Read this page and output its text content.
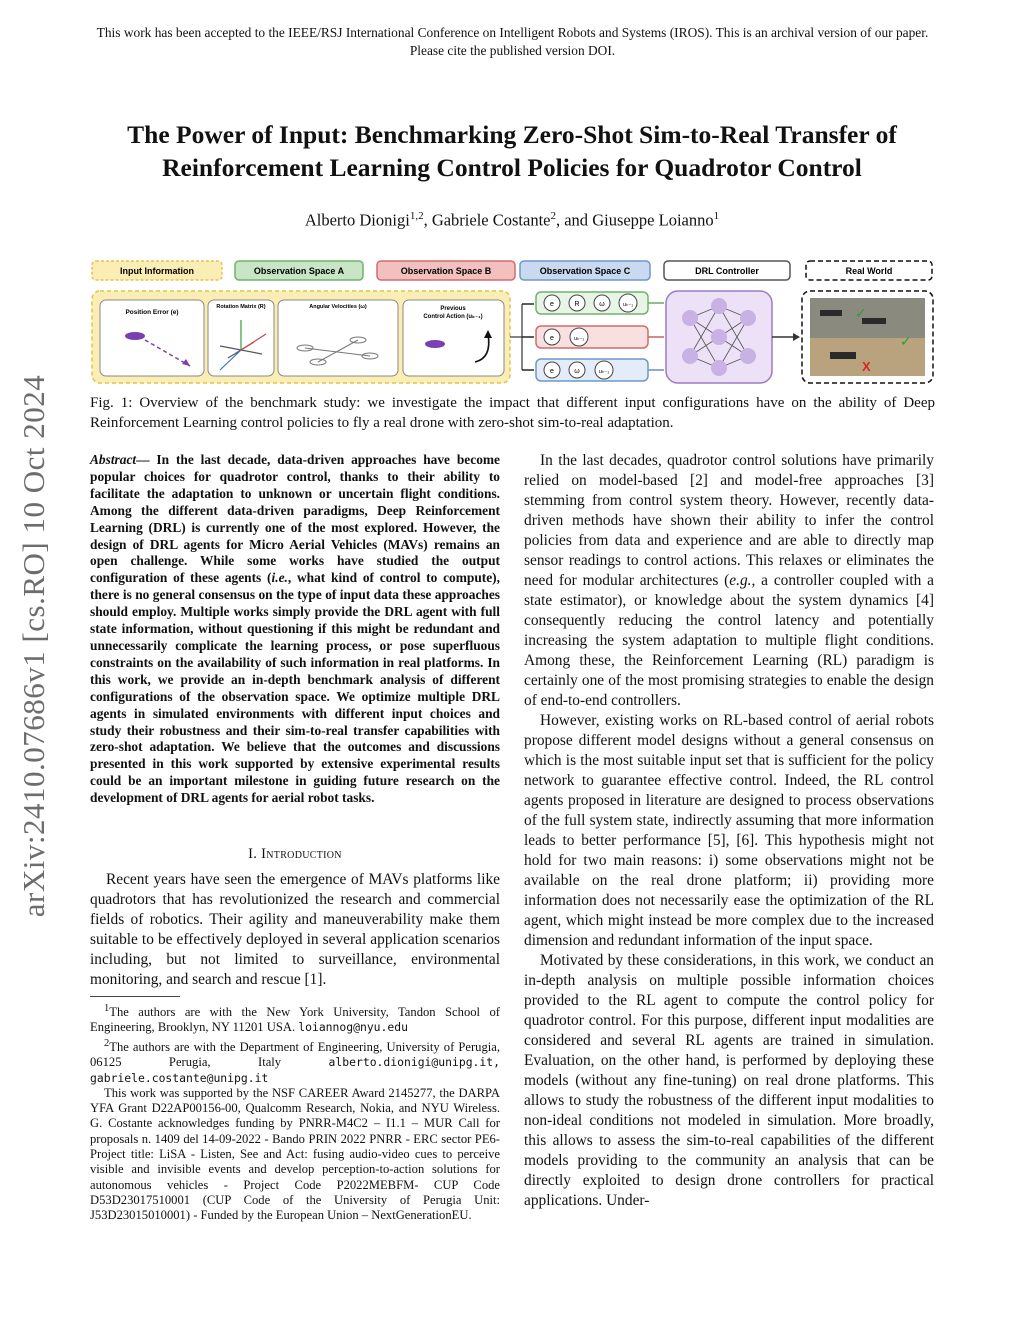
This work has been accepted to the IEEE/RSJ International Conference on Intelligent Robots and Systems (IROS). This is an archival version of our paper. Please cite the published version DOI.
The Power of Input: Benchmarking Zero-Shot Sim-to-Real Transfer of Reinforcement Learning Control Policies for Quadrotor Control
Alberto Dionigi$^{1,2}$, Gabriele Costante$^2$, and Giuseppe Loianno$^1$
arXiv:2410.07686v1 [cs.RO] 10 Oct 2024
Input Information	Observation Space A	Observation Space B	Observation Space C	DRL Controller	Real World
Position Error (e)
Rotation Matrix (R)	Angular Velocities (ω)	Previous
Control Action (uₖ₋₁)
e	R	ω	uₖ₋₁
e	uₖ₋₁
e	ω	uₖ₋₁
✓
✓
X
Fig. 1: Overview of the benchmark study: we investigate the impact that different input configurations have on the ability of Deep Reinforcement Learning control policies to fly a real drone with zero-shot sim-to-real adaptation.
Abstract— In the last decade, data-driven approaches have become popular choices for quadrotor control, thanks to their ability to facilitate the adaptation to unknown or uncertain flight conditions. Among the different data-driven paradigms, Deep Reinforcement Learning (DRL) is currently one of the most explored. However, the design of DRL agents for Micro Aerial Vehicles (MAVs) remains an open challenge. While some works have studied the output configuration of these agents (i.e., what kind of control to compute), there is no general consensus on the type of input data these approaches should employ. Multiple works simply provide the DRL agent with full state information, without questioning if this might be redundant and unnecessarily complicate the learning process, or pose superfluous constraints on the availability of such information in real platforms. In this work, we provide an in-depth benchmark analysis of different configurations of the observation space. We optimize multiple DRL agents in simulated environments with different input choices and study their robustness and their sim-to-real transfer capabilities with zero-shot adaptation. We believe that the outcomes and discussions presented in this work supported by extensive experimental results could be an important milestone in guiding future research on the development of DRL agents for aerial robot tasks.
I. Introduction
Recent years have seen the emergence of MAVs platforms like quadrotors that has revolutionized the research and commercial fields of robotics. Their agility and maneuverability make them suitable to be effectively deployed in several application scenarios including, but not limited to surveillance, environmental monitoring, and search and rescue [1].

$^1$The authors are with the New York University, Tandon School of Engineering, Brooklyn, NY 11201 USA. loiannog@nyu.edu

$^2$The authors are with the Department of Engineering, University of Perugia, 06125 Perugia, Italy alberto.dionigi@unipg.it, gabriele.costante@unipg.it

This work was supported by the NSF CAREER Award 2145277, the DARPA YFA Grant D22AP00156-00, Qualcomm Research, Nokia, and NYU Wireless. G. Costante acknowledges funding by PNRR-M4C2 – I1.1 – MUR Call for proposals n. 1409 del 14-09-2022 - Bando PRIN 2022 PNRR - ERC sector PE6- Project title: LiSA - Listen, See and Act: fusing audio-video cues to perceive visible and invisible events and develop perception-to-action solutions for autonomous vehicles - Project Code P2022MEBFM- CUP Code D53D23017510001 (CUP Code of the University of Perugia Unit: J53D23015010001) - Funded by the European Union – NextGenerationEU.

In the last decades, quadrotor control solutions have primarily relied on model-based [2] and model-free approaches [3] stemming from control system theory. However, recently data-driven methods have shown their ability to infer the control policies from data and experience and are able to directly map sensor readings to control actions. This relaxes or eliminates the need for modular architectures (e.g., a controller coupled with a state estimator), or knowledge about the system dynamics [4] consequently reducing the control latency and potentially increasing the system adaptation to multiple flight conditions. Among these, the Reinforcement Learning (RL) paradigm is certainly one of the most promising strategies to enable the design of end-to-end controllers.

However, existing works on RL-based control of aerial robots propose different model designs without a general consensus on which is the most suitable input set that is sufficient for the policy network to guarantee effective control. Indeed, the RL control agents proposed in literature are designed to process observations of the full system state, indirectly assuming that more information leads to better performance [5], [6]. This hypothesis might not hold for two main reasons: i) some observations might not be available on the real drone platform; ii) providing more information does not necessarily ease the optimization of the RL agent, which might instead be more complex due to the increased dimension and redundant information of the input space.

Motivated by these considerations, in this work, we conduct an in-depth analysis on multiple possible information choices provided to the RL agent to compute the control policy for quadrotor control. For this purpose, different input modalities are considered and several RL agents are trained in simulation. Evaluation, on the other hand, is performed by deploying these models (without any fine-tuning) on real drone platforms. This allows to study the robustness of the different input modalities to non-ideal conditions not modeled in simulation. More broadly, this allows to assess the sim-to-real capabilities of the different models providing to the community an analysis that can be directly exploited to design drone controllers for practical applications. Under-
